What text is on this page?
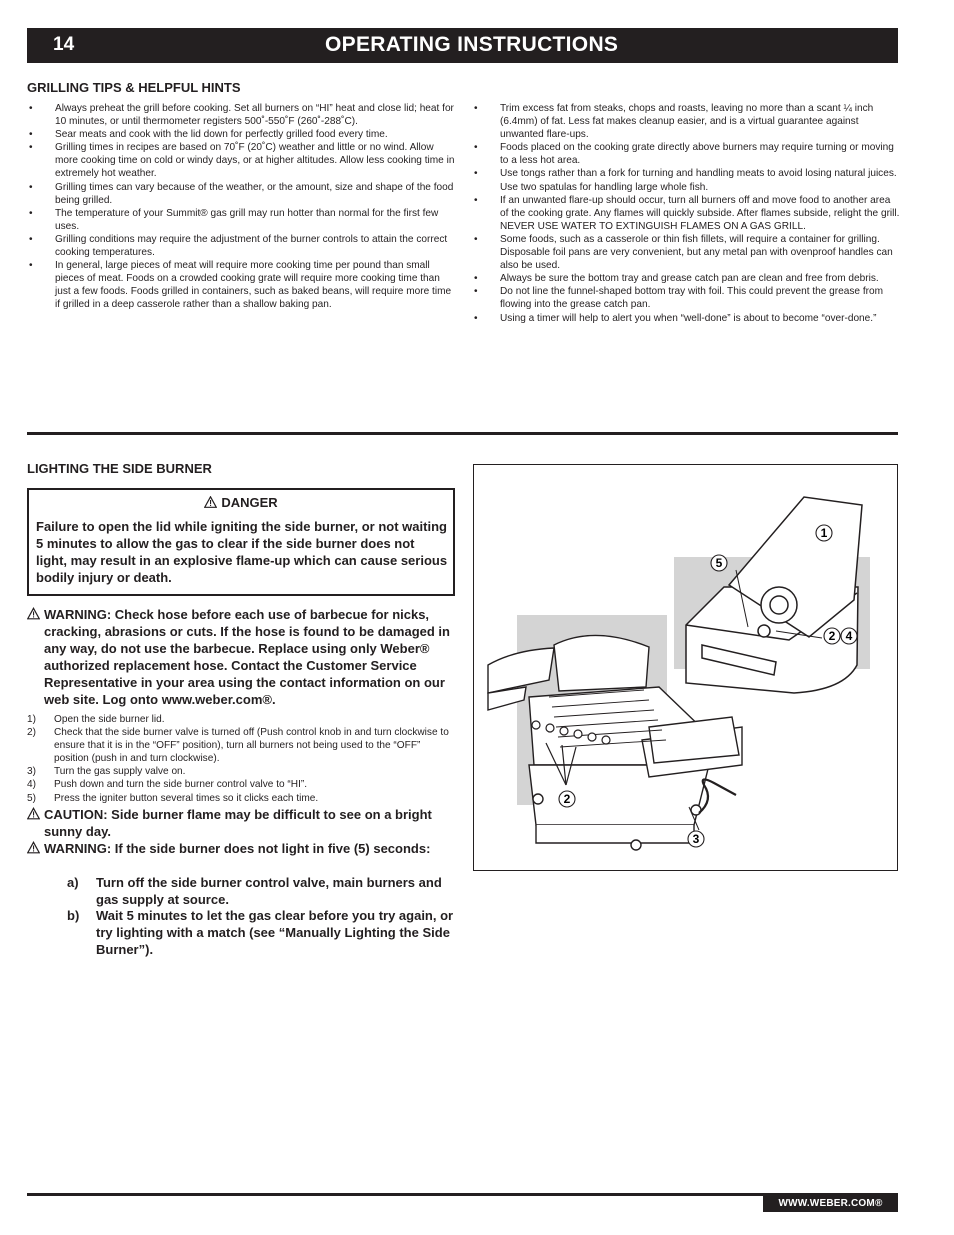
14	OPERATING INSTRUCTIONS
GRILLING TIPS & HELPFUL HINTS
• Always preheat the grill before cooking. Set all burners on “HI” heat and close lid; heat for 10 minutes, or until thermometer registers 500˚-550˚F (260˚-288˚C).
• Sear meats and cook with the lid down for perfectly grilled food every time.
• Grilling times in recipes are based on 70˚F (20˚C) weather and little or no wind. Allow more cooking time on cold or windy days, or at higher altitudes. Allow less cooking time in extremely hot weather.
• Grilling times can vary because of the weather, or the amount, size and shape of the food being grilled.
• The temperature of your Summit® gas grill may run hotter than normal for the first few uses.
• Grilling conditions may require the adjustment of the burner controls to attain the correct cooking temperatures.
• In general, large pieces of meat will require more cooking time per pound than small pieces of meat. Foods on a crowded cooking grate will require more cooking time than just a few foods. Foods grilled in containers, such as baked beans, will require more time if grilled in a deep casserole rather than a shallow baking pan.
• Trim excess fat from steaks, chops and roasts, leaving no more than a scant ¼ inch (6.4mm) of fat. Less fat makes cleanup easier, and is a virtual guarantee against unwanted flare-ups.
• Foods placed on the cooking grate directly above burners may require turning or moving to a less hot area.
• Use tongs rather than a fork for turning and handling meats to avoid losing natural juices. Use two spatulas for handling large whole fish.
• If an unwanted flare-up should occur, turn all burners off and move food to another area of the cooking grate. Any flames will quickly subside. After flames subside, relight the grill. NEVER USE WATER TO EXTINGUISH FLAMES ON A GAS GRILL.
• Some foods, such as a casserole or thin fish fillets, will require a container for grilling. Disposable foil pans are very convenient, but any metal pan with ovenproof handles can also be used.
• Always be sure the bottom tray and grease catch pan are clean and free from debris.
• Do not line the funnel-shaped bottom tray with foil. This could prevent the grease from flowing into the grease catch pan.
• Using a timer will help to alert you when “well-done” is about to become “over-done.”
LIGHTING THE SIDE BURNER
DANGER
Failure to open the lid while igniting the side burner, or not waiting 5 minutes to allow the gas to clear if the side burner does not light, may result in an explosive flame-up which can cause serious bodily injury or death.
WARNING: Check hose before each use of barbecue for nicks, cracking, abrasions or cuts. If the hose is found to be damaged in any way, do not use the barbecue. Replace using only Weber® authorized replacement hose. Contact the Customer Service Representative in your area using the contact information on our web site. Log onto www.weber.com®.
1) Open the side burner lid.
2) Check that the side burner valve is turned off (Push control knob in and turn clockwise to ensure that it is in the “OFF” position), turn all burners not being used to the “OFF” position (push in and turn clockwise).
3) Turn the gas supply valve on.
4) Push down and turn the side burner control valve to “HI”.
5) Press the igniter button several times so it clicks each time.
CAUTION: Side burner flame may be difficult to see on a bright sunny day.
WARNING: If the side burner does not light in five (5) seconds:
a) Turn off the side burner control valve, main burners and gas supply at source.
b) Wait 5 minutes to let the gas clear before you try again, or try lighting with a match (see “Manually Lighting the Side Burner”).
1
5
2 4
2
3
WWW.WEBER.COM®
